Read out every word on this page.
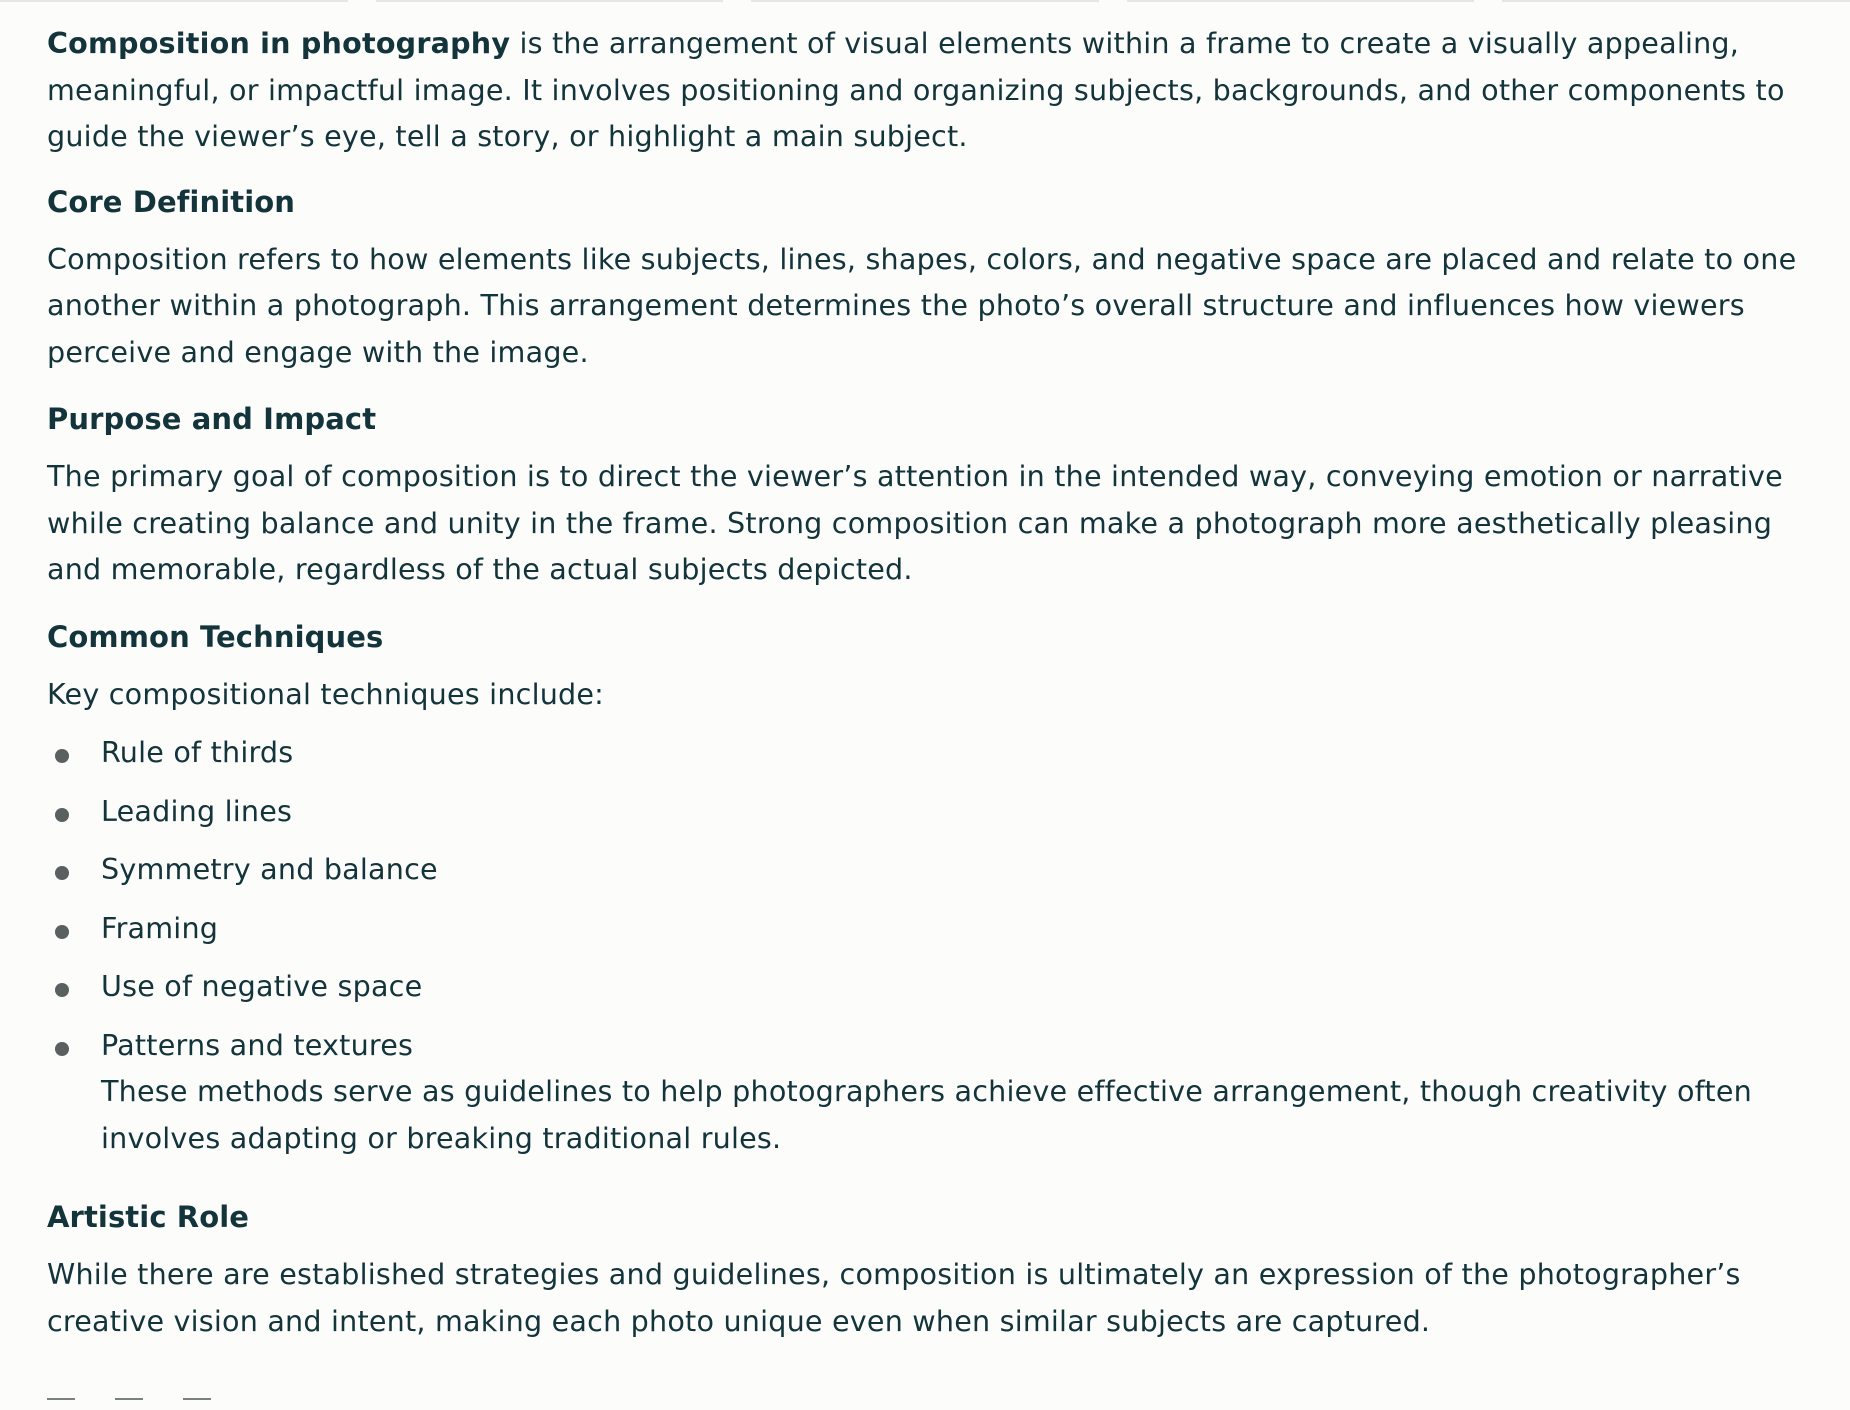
Composition in photography is the arrangement of visual elements within a frame to create a visually appealing, meaningful, or impactful image. It involves positioning and organizing subjects, backgrounds, and other components to guide the viewer’s eye, tell a story, or highlight a main subject.

Core Definition

Composition refers to how elements like subjects, lines, shapes, colors, and negative space are placed and relate to one another within a photograph. This arrangement determines the photo’s overall structure and influences how viewers perceive and engage with the image.

Purpose and Impact

The primary goal of composition is to direct the viewer’s attention in the intended way, conveying emotion or narrative while creating balance and unity in the frame. Strong composition can make a photograph more aesthetically pleasing and memorable, regardless of the actual subjects depicted.

Common Techniques

Key compositional techniques include:

Rule of thirds
Leading lines
Symmetry and balance
Framing
Use of negative space
Patterns and textures

These methods serve as guidelines to help photographers achieve effective arrangement, though creativity often involves adapting or breaking traditional rules.

Artistic Role

While there are established strategies and guidelines, composition is ultimately an expression of the photographer’s creative vision and intent, making each photo unique even when similar subjects are captured.
